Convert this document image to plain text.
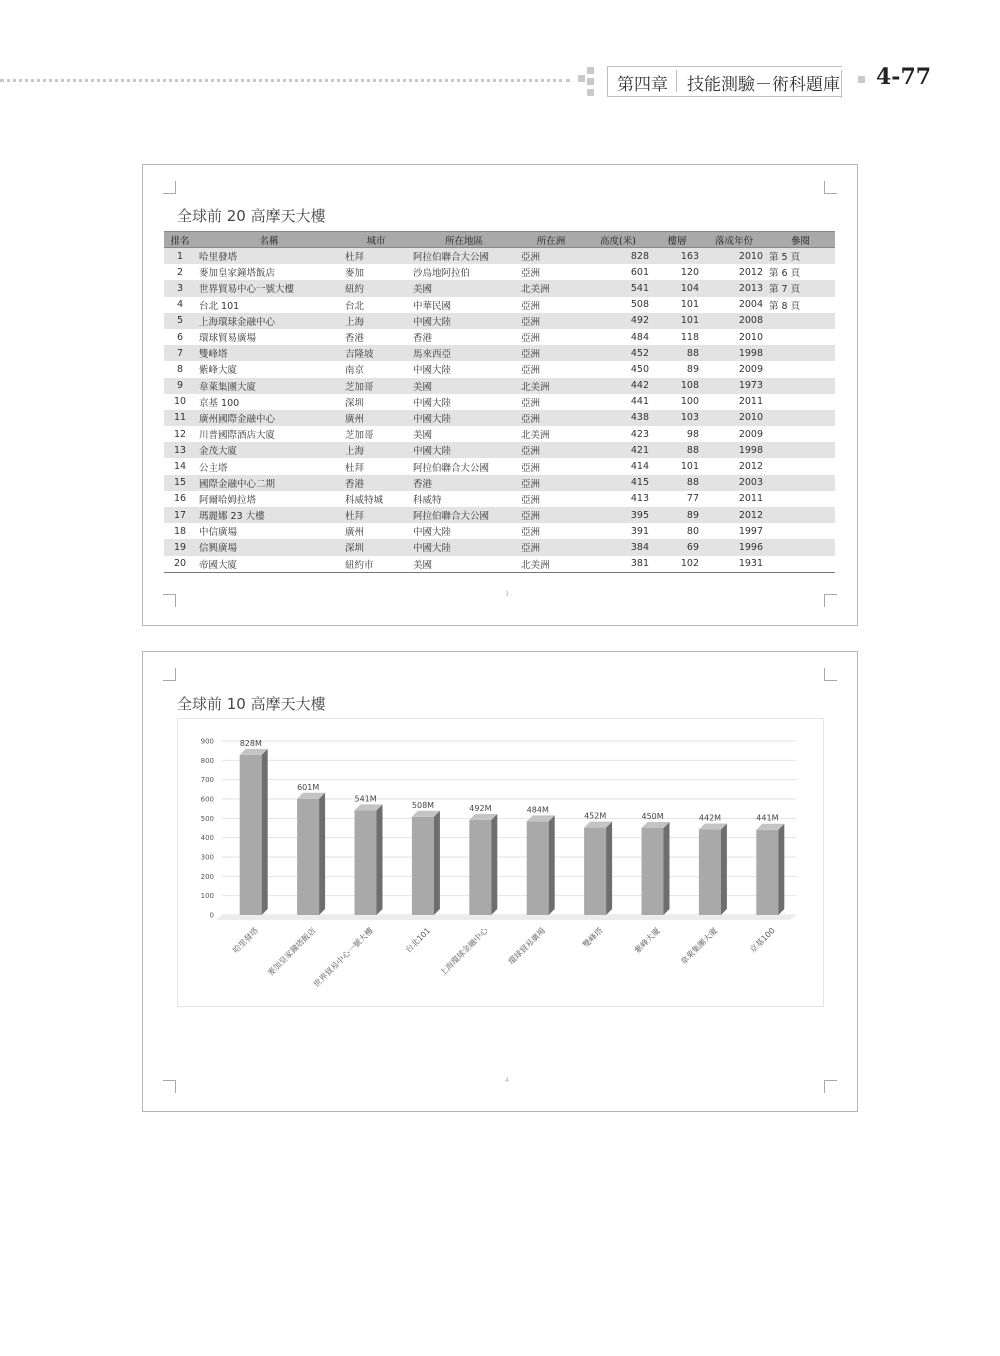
第四章 技能測驗－術科題庫 4-77
全球前 20 高摩天大樓
排名	名稱	城市	所在地區	所在洲	高度(米)	樓層	落成年份	參閱
1	哈里發塔	杜拜	阿拉伯聯合大公國	亞洲	828	163	2010	第 5 頁
2	麥加皇家鐘塔飯店	麥加	沙烏地阿拉伯	亞洲	601	120	2012	第 6 頁
3	世界貿易中心一號大樓	紐約	美國	北美洲	541	104	2013	第 7 頁
4	台北 101	台北	中華民國	亞洲	508	101	2004	第 8 頁
5	上海環球金融中心	上海	中國大陸	亞洲	492	101	2008	
6	環球貿易廣場	香港	香港	亞洲	484	118	2010	
7	雙峰塔	吉隆坡	馬來西亞	亞洲	452	88	1998	
8	紫峰大廈	南京	中國大陸	亞洲	450	89	2009	
9	韋萊集團大廈	芝加哥	美國	北美洲	442	108	1973	
10	京基 100	深圳	中國大陸	亞洲	441	100	2011	
11	廣州國際金融中心	廣州	中國大陸	亞洲	438	103	2010	
12	川普國際酒店大廈	芝加哥	美國	北美洲	423	98	2009	
13	金茂大廈	上海	中國大陸	亞洲	421	88	1998	
14	公主塔	杜拜	阿拉伯聯合大公國	亞洲	414	101	2012	
15	國際金融中心二期	香港	香港	亞洲	415	88	2003	
16	阿爾哈姆拉塔	科威特城	科威特	亞洲	413	77	2011	
17	瑪麗娜 23 大樓	杜拜	阿拉伯聯合大公國	亞洲	395	89	2012	
18	中信廣場	廣州	中國大陸	亞洲	391	80	1997	
19	信興廣場	深圳	中國大陸	亞洲	384	69	1996	
20	帝國大廈	紐約市	美國	北美洲	381	102	1931	
3
全球前 10 高摩天大樓
0
100
200
300
400
500
600
700
800
900	828M
哈里發塔
601M
麥加皇家鐘塔飯店
541M
世界貿易中心一號大樓
508M
台北101
492M
上海環球金融中心
484M
環球貿易廣場
452M
雙峰塔
450M
紫峰大廈
442M
韋萊集團大廈
441M
京基100
4
